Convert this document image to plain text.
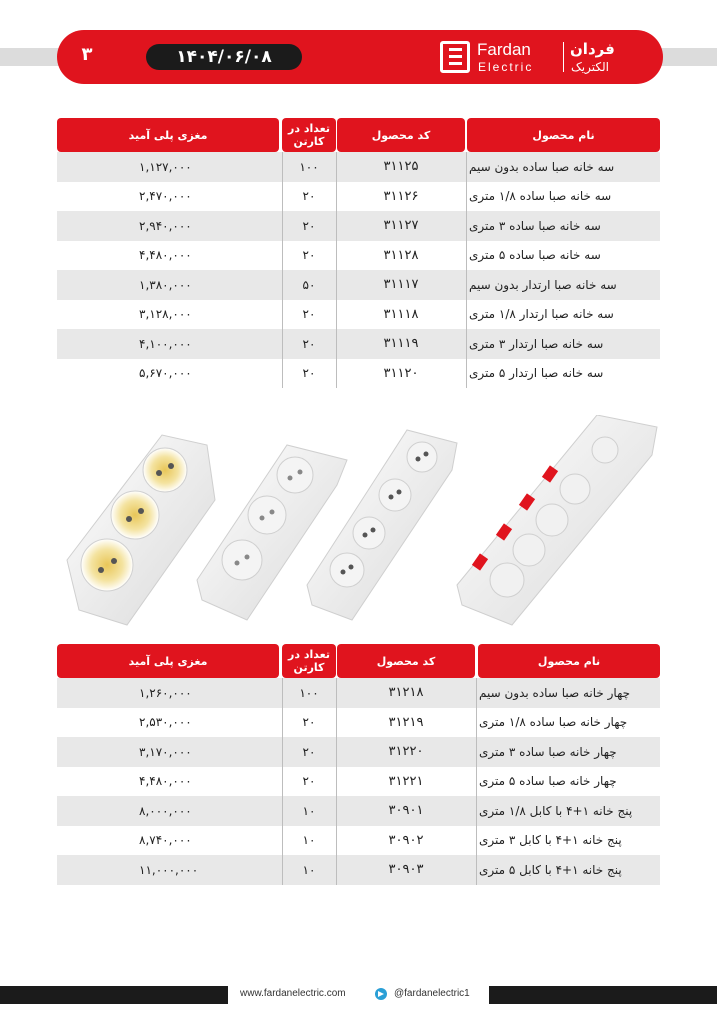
۳	۱۴۰۴/۰۶/۰۸	Fardan
Electric
فردان
الکتریک
مغزی پلی آمید	تعداد در کارتن	کد محصول	نام محصول
۱,۱۲۷,۰۰۰	۱۰۰	۳۱۱۲۵	سه خانه صبا ساده بدون سیم
۲,۴۷۰,۰۰۰	۲۰	۳۱۱۲۶	سه خانه صبا ساده ۱/۸ متری
۲,۹۴۰,۰۰۰	۲۰	۳۱۱۲۷	سه خانه صبا ساده ۳ متری
۴,۴۸۰,۰۰۰	۲۰	۳۱۱۲۸	سه خانه صبا ساده ۵ متری
۱,۳۸۰,۰۰۰	۵۰	۳۱۱۱۷	سه خانه صبا ارتدار بدون سیم
۳,۱۲۸,۰۰۰	۲۰	۳۱۱۱۸	سه خانه صبا ارتدار ۱/۸ متری
۴,۱۰۰,۰۰۰	۲۰	۳۱۱۱۹	سه خانه صبا ارتدار ۳ متری
۵,۶۷۰,۰۰۰	۲۰	۳۱۱۲۰	سه خانه صبا ارتدار ۵ متری
مغزی پلی آمید	تعداد در کارتن	کد محصول	نام محصول
۱,۲۶۰,۰۰۰	۱۰۰	۳۱۲۱۸	چهار خانه صبا ساده بدون سیم
۲,۵۳۰,۰۰۰	۲۰	۳۱۲۱۹	چهار خانه صبا ساده ۱/۸ متری
۳,۱۷۰,۰۰۰	۲۰	۳۱۲۲۰	چهار خانه صبا ساده ۳ متری
۴,۴۸۰,۰۰۰	۲۰	۳۱۲۲۱	چهار خانه صبا ساده ۵ متری
۸,۰۰۰,۰۰۰	۱۰	۳۰۹۰۱	پنج خانه ۱+۴ با کابل ۱/۸ متری
۸,۷۴۰,۰۰۰	۱۰	۳۰۹۰۲	پنج خانه ۱+۴ با کابل ۳ متری
۱۱,۰۰۰,۰۰۰	۱۰	۳۰۹۰۳	پنج خانه ۱+۴ با کابل ۵ متری
www.fardanelectric.com	@fardanelectric1
